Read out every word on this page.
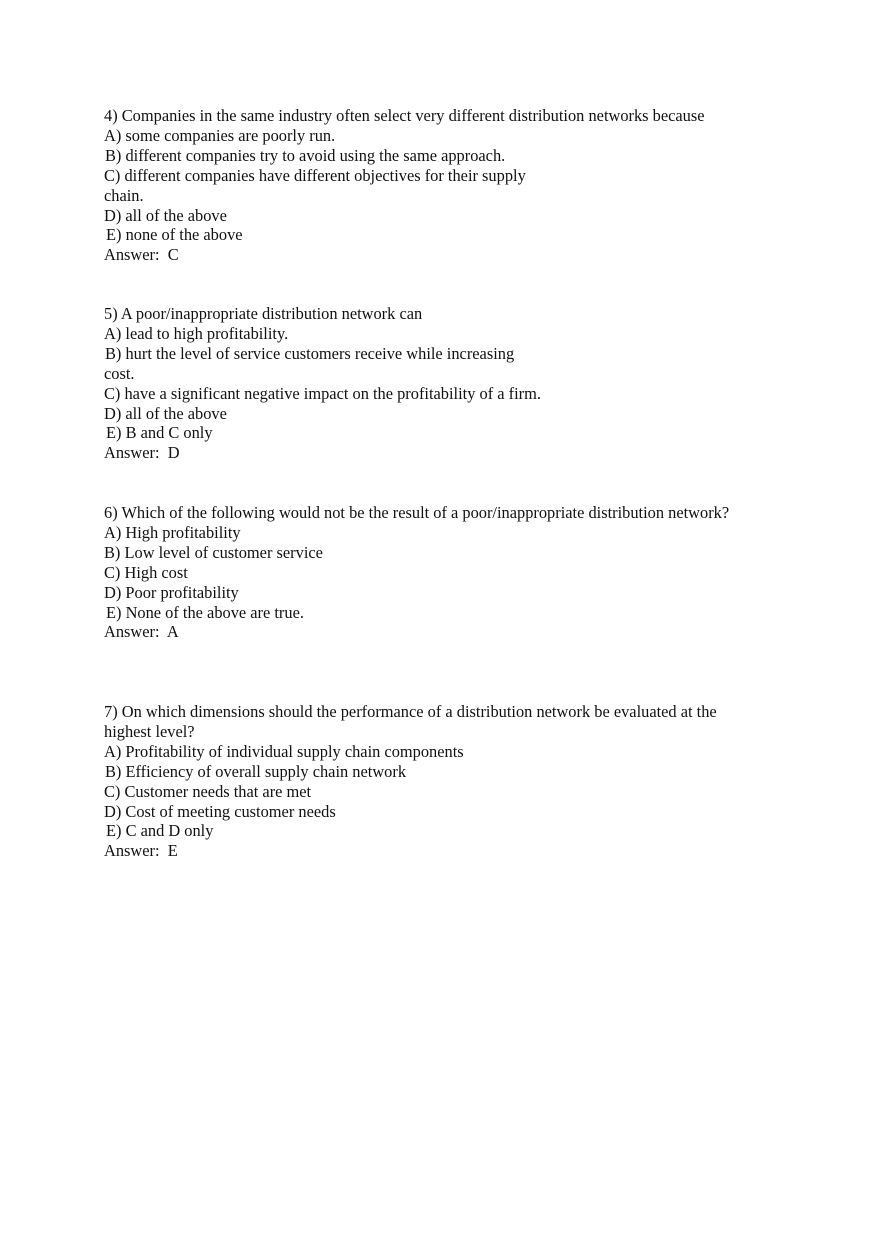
4) Companies in the same industry often select very different distribution networks because
A) some companies are poorly run.
B) different companies try to avoid using the same approach.
C) different companies have different objectives for their supply
chain.
D) all of the above
E) none of the above
Answer:  C
5) A poor/inappropriate distribution network can
A) lead to high profitability.
B) hurt the level of service customers receive while increasing
cost.
C) have a significant negative impact on the profitability of a firm.
D) all of the above
E) B and C only
Answer:  D
6) Which of the following would not be the result of a poor/inappropriate distribution network?
A) High profitability
B) Low level of customer service
C) High cost
D) Poor profitability
E) None of the above are true.
Answer:  A
7) On which dimensions should the performance of a distribution network be evaluated at the
highest level?
A) Profitability of individual supply chain components
B) Efficiency of overall supply chain network
C) Customer needs that are met
D) Cost of meeting customer needs
E) C and D only
Answer:  E
